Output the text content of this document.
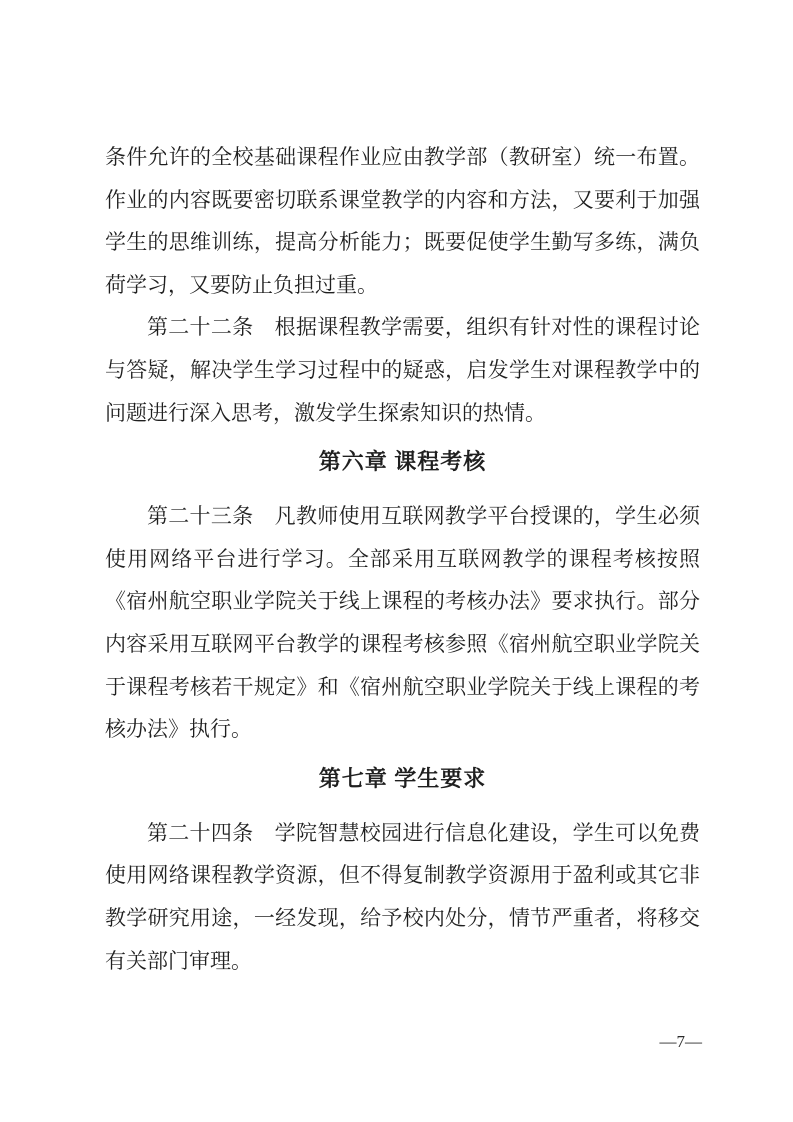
条件允许的全校基础课程作业应由教学部（教研室）统一布置。作业的内容既要密切联系课堂教学的内容和方法，又要利于加强学生的思维训练，提高分析能力；既要促使学生勤写多练，满负荷学习，又要防止负担过重。

第二十二条　根据课程教学需要，组织有针对性的课程讨论与答疑，解决学生学习过程中的疑惑，启发学生对课程教学中的问题进行深入思考，激发学生探索知识的热情。

第六章 课程考核

第二十三条　凡教师使用互联网教学平台授课的，学生必须使用网络平台进行学习。全部采用互联网教学的课程考核按照《宿州航空职业学院关于线上课程的考核办法》要求执行。部分内容采用互联网平台教学的课程考核参照《宿州航空职业学院关于课程考核若干规定》和《宿州航空职业学院关于线上课程的考核办法》执行。

第七章 学生要求

第二十四条　学院智慧校园进行信息化建设，学生可以免费使用网络课程教学资源，但不得复制教学资源用于盈利或其它非教学研究用途，一经发现，给予校内处分，情节严重者，将移交有关部门审理。

—7—
